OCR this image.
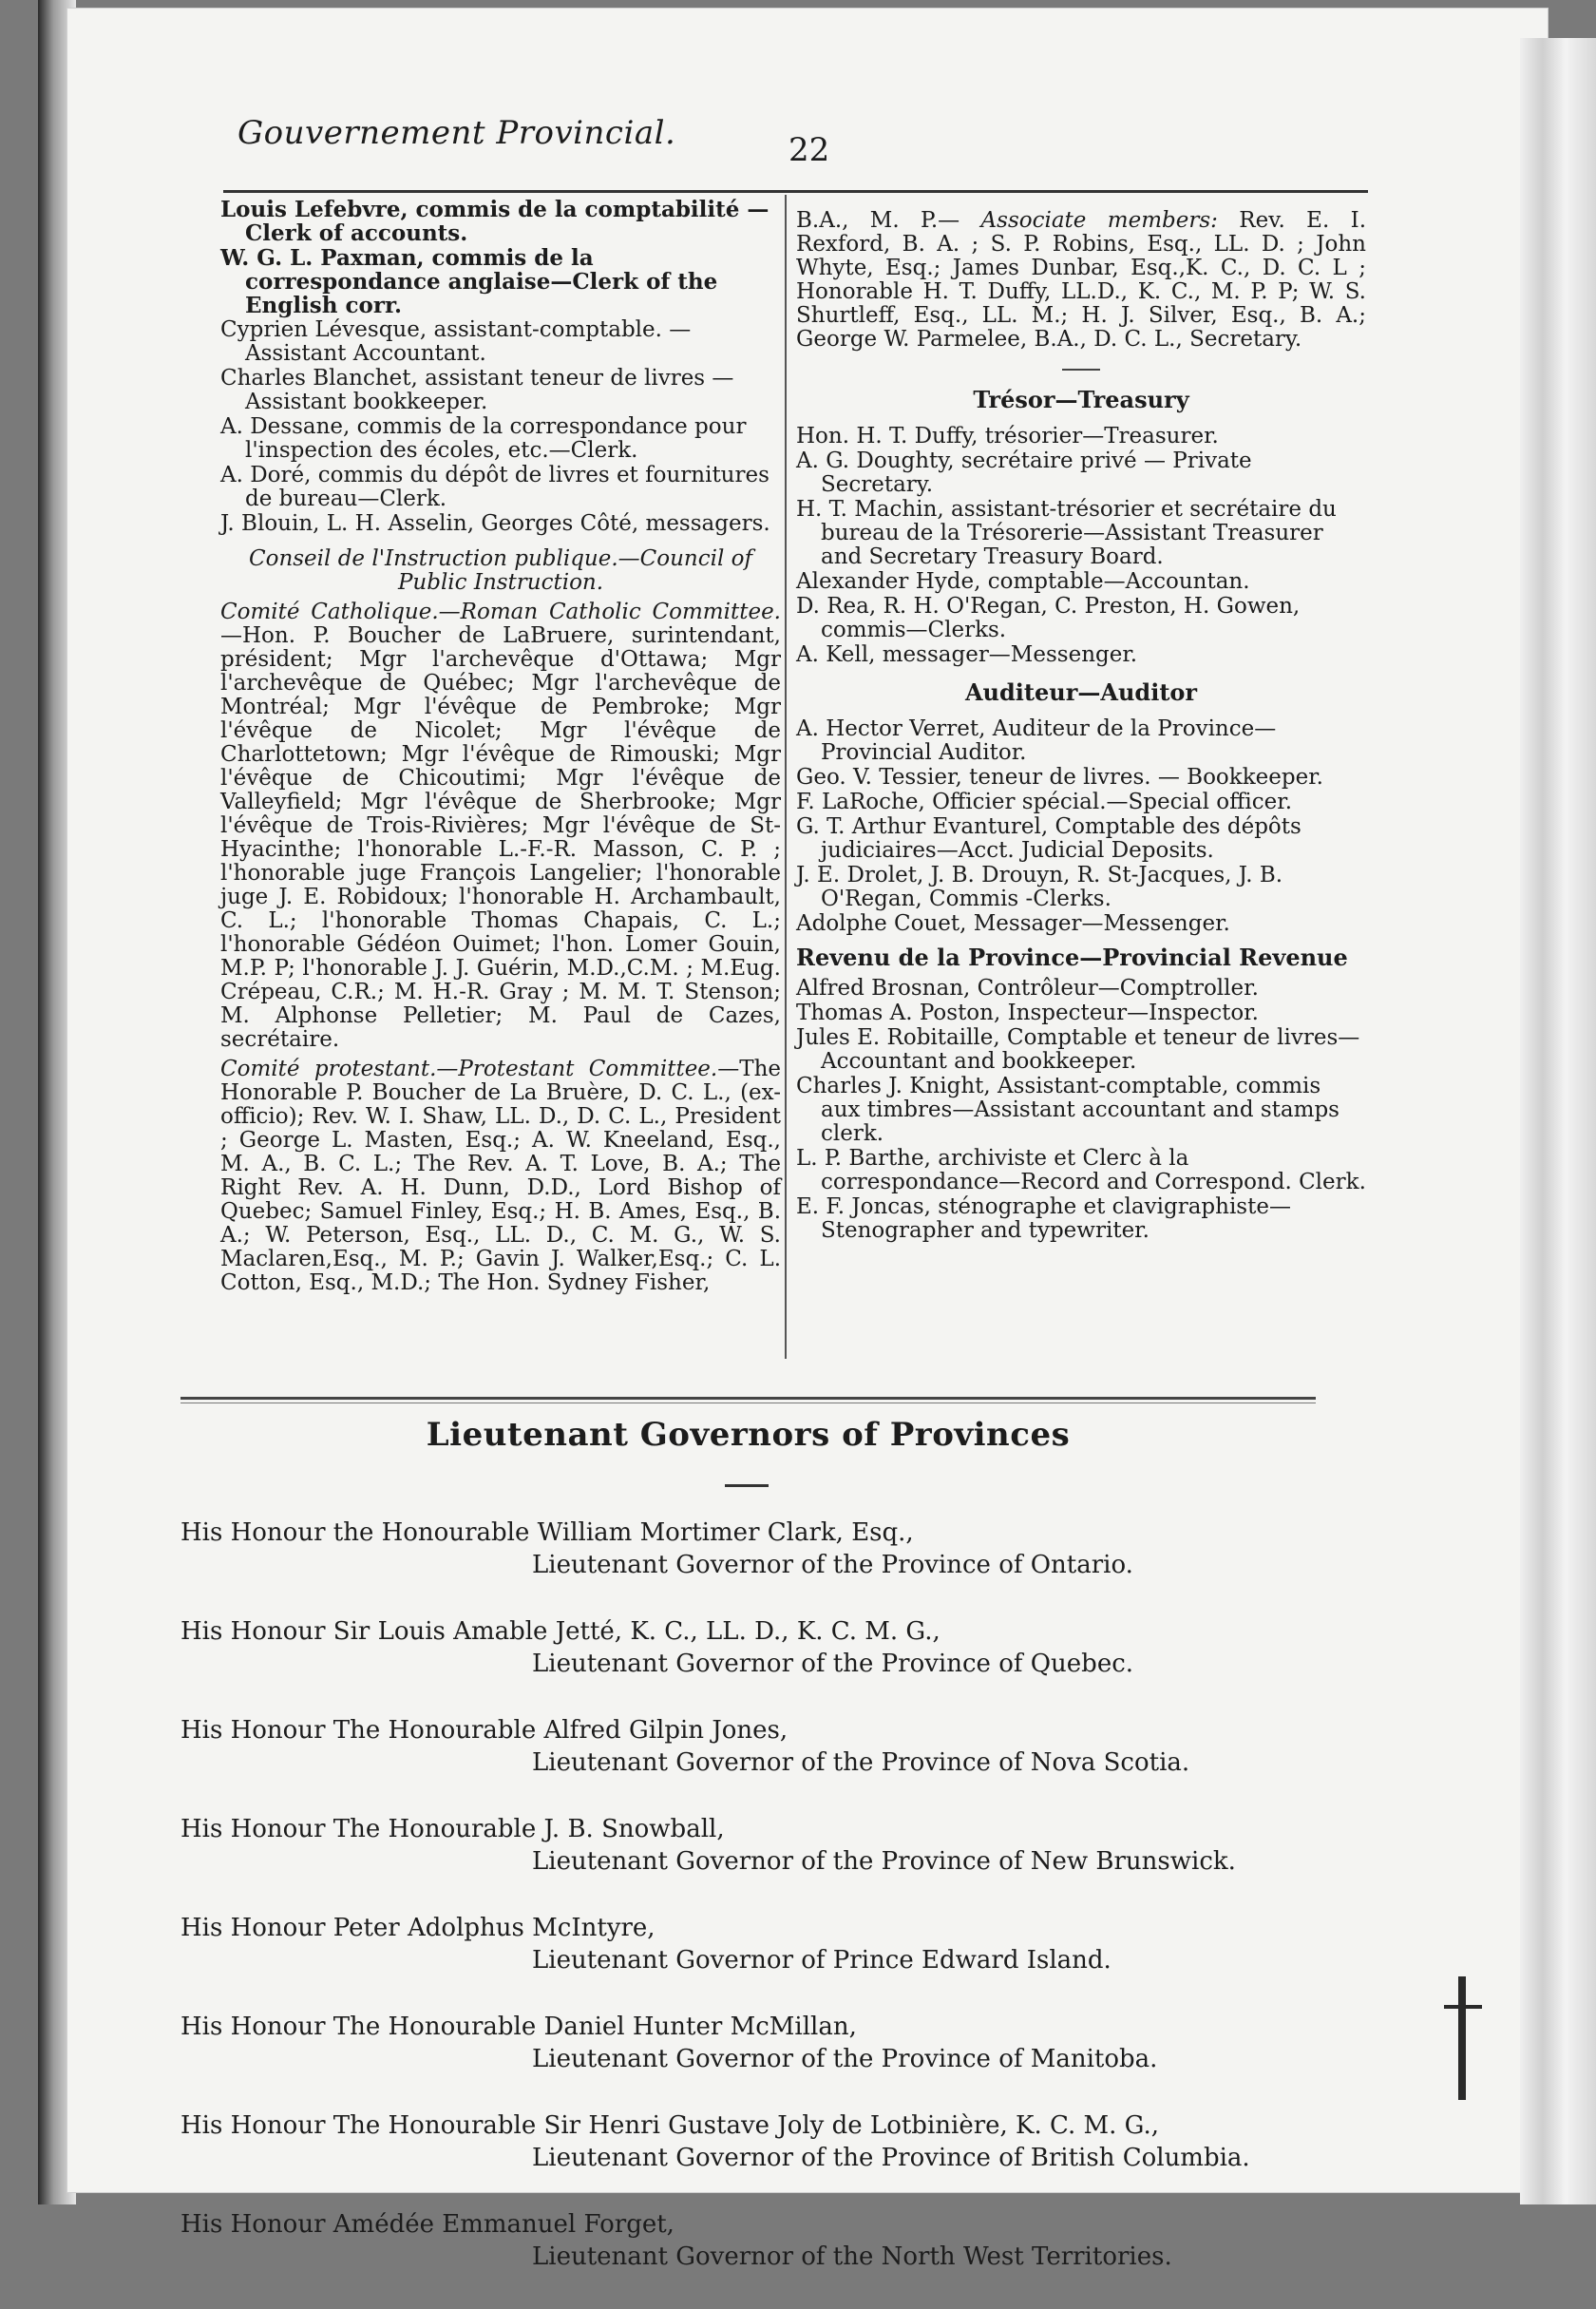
Gouvernement Provincial.	22
Louis Lefebvre, commis de la comptabilité —Clerk of accounts.
W. G. L. Paxman, commis de la correspondance anglaise—Clerk of the English corr.
Cyprien Lévesque, assistant-comptable. —Assistant Accountant.
Charles Blanchet, assistant teneur de livres —Assistant bookkeeper.
A. Dessane, commis de la correspondance pour l'inspection des écoles, etc.—Clerk.
A. Doré, commis du dépôt de livres et fournitures de bureau—Clerk.
J. Blouin, L. H. Asselin, Georges Côté, messagers.
Conseil de l'Instruction publique.—Council of Public Instruction.
Comité Catholique.—Roman Catholic Committee.—Hon. P. Boucher de LaBruere, surintendant, président; Mgr l'archevêque d'Ottawa; Mgr l'archevêque de Québec; Mgr l'archevêque de Montréal; Mgr l'évêque de Pembroke; Mgr l'évêque de Nicolet; Mgr l'évêque de Charlottetown; Mgr l'évêque de Rimouski; Mgr l'évêque de Chicoutimi; Mgr l'évêque de Valleyfield; Mgr l'évêque de Sherbrooke; Mgr l'évêque de Trois-Rivières; Mgr l'évêque de St-Hyacinthe; l'honorable L.-F.-R. Masson, C. P. ; l'honorable juge François Langelier; l'honorable juge J. E. Robidoux; l'honorable H. Archambault, C. L.; l'honorable Thomas Chapais, C. L.; l'honorable Gédéon Ouimet; l'hon. Lomer Gouin, M.P. P; l'honorable J. J. Guérin, M.D.,C.M. ; M.Eug. Crépeau, C.R.; M. H.-R. Gray ; M. M. T. Stenson; M. Alphonse Pelletier; M. Paul de Cazes, secrétaire.
Comité protestant.—Protestant Committee.—The Honorable P. Boucher de La Bruère, D. C. L., (ex-officio); Rev. W. I. Shaw, LL. D., D. C. L., President ; George L. Masten, Esq.; A. W. Kneeland, Esq., M. A., B. C. L.; The Rev. A. T. Love, B. A.; The Right Rev. A. H. Dunn, D.D., Lord Bishop of Quebec; Samuel Finley, Esq.; H. B. Ames, Esq., B. A.; W. Peterson, Esq., LL. D., C. M. G., W. S. Maclaren,Esq., M. P.; Gavin J. Walker,Esq.; C. L. Cotton, Esq., M.D.; The Hon. Sydney Fisher,
B.A., M. P.— Associate members: Rev. E. I. Rexford, B. A. ; S. P. Robins, Esq., LL. D. ; John Whyte, Esq.; James Dunbar, Esq.,K. C., D. C. L ; Honorable H. T. Duffy, LL.D., K. C., M. P. P; W. S. Shurtleff, Esq., LL. M.; H. J. Silver, Esq., B. A.; George W. Parmelee, B.A., D. C. L., Secretary.
Trésor—Treasury
Hon. H. T. Duffy, trésorier—Treasurer.
A. G. Doughty, secrétaire privé — Private Secretary.
H. T. Machin, assistant-trésorier et secrétaire du bureau de la Trésorerie—Assistant Treasurer and Secretary Treasury Board.
Alexander Hyde, comptable—Accountan.
D. Rea, R. H. O'Regan, C. Preston, H. Gowen, commis—Clerks.
A. Kell, messager—Messenger.
Auditeur—Auditor
A. Hector Verret, Auditeur de la Province—Provincial Auditor.
Geo. V. Tessier, teneur de livres. — Bookkeeper.
F. LaRoche, Officier spécial.—Special officer.
G. T. Arthur Evanturel, Comptable des dépôts judiciaires—Acct. Judicial Deposits.
J. E. Drolet, J. B. Drouyn, R. St-Jacques, J. B. O'Regan, Commis -Clerks.
Adolphe Couet, Messager—Messenger.
Revenu de la Province—Provincial Revenue
Alfred Brosnan, Contrôleur—Comptroller.
Thomas A. Poston, Inspecteur—Inspector.
Jules E. Robitaille, Comptable et teneur de livres—Accountant and bookkeeper.
Charles J. Knight, Assistant-comptable, commis aux timbres—Assistant accountant and stamps clerk.
L. P. Barthe, archiviste et Clerc à la correspondance—Record and Correspond. Clerk.
E. F. Joncas, sténographe et clavigraphiste—Stenographer and typewriter.
Lieutenant Governors of Provinces
His Honour the Honourable William Mortimer Clark, Esq.,
Lieutenant Governor of the Province of Ontario.
His Honour Sir Louis Amable Jetté, K. C., LL. D., K. C. M. G.,
Lieutenant Governor of the Province of Quebec.
His Honour The Honourable Alfred Gilpin Jones,
Lieutenant Governor of the Province of Nova Scotia.
His Honour The Honourable J. B. Snowball,
Lieutenant Governor of the Province of New Brunswick.
His Honour Peter Adolphus McIntyre,
Lieutenant Governor of Prince Edward Island.
His Honour The Honourable Daniel Hunter McMillan,
Lieutenant Governor of the Province of Manitoba.
His Honour The Honourable Sir Henri Gustave Joly de Lotbinière, K. C. M. G.,
Lieutenant Governor of the Province of British Columbia.
His Honour Amédée Emmanuel Forget,
Lieutenant Governor of the North West Territories.
